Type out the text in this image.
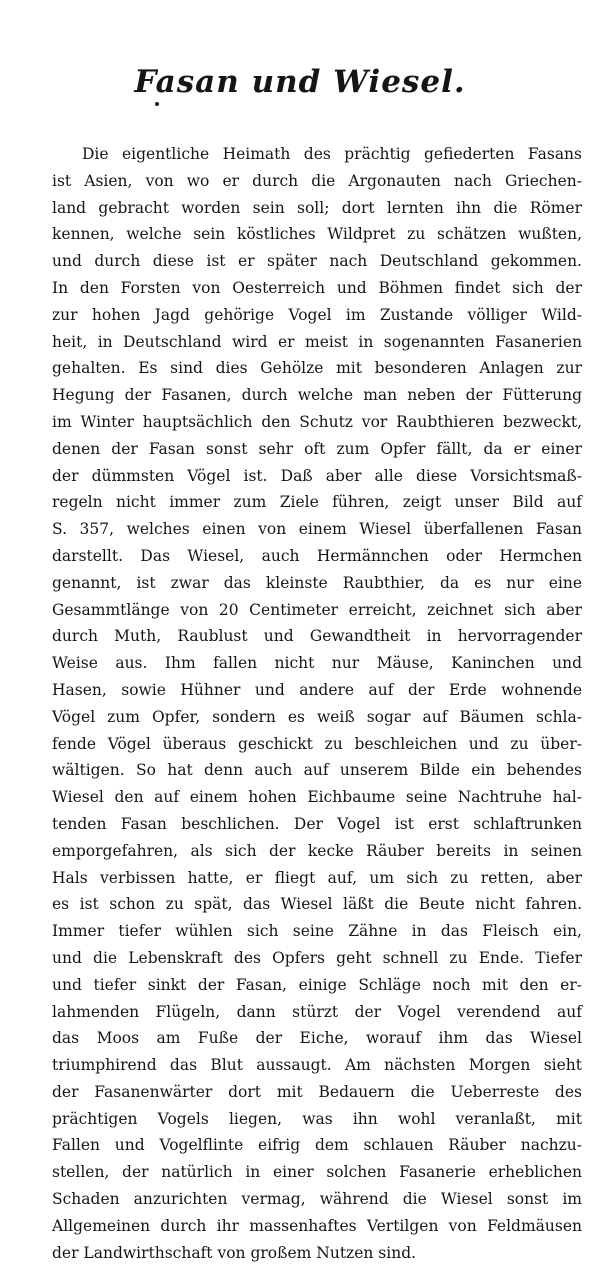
Fasan und Wiesel.
Die eigentliche Heimath des prächtig gefiederten Fasans
ist Asien, von wo er durch die Argonauten nach Griechen-
land gebracht worden sein soll; dort lernten ihn die Römer
kennen, welche sein köstliches Wildpret zu schätzen wußten,
und durch diese ist er später nach Deutschland gekommen.
In den Forsten von Oesterreich und Böhmen findet sich der
zur hohen Jagd gehörige Vogel im Zustande völliger Wild-
heit, in Deutschland wird er meist in sogenannten Fasanerien
gehalten. Es sind dies Gehölze mit besonderen Anlagen zur
Hegung der Fasanen, durch welche man neben der Fütterung
im Winter hauptsächlich den Schutz vor Raubthieren bezweckt,
denen der Fasan sonst sehr oft zum Opfer fällt, da er einer
der dümmsten Vögel ist. Daß aber alle diese Vorsichtsmaß-
regeln nicht immer zum Ziele führen, zeigt unser Bild auf
S. 357, welches einen von einem Wiesel überfallenen Fasan
darstellt. Das Wiesel, auch Hermännchen oder Hermchen
genannt, ist zwar das kleinste Raubthier, da es nur eine
Gesammtlänge von 20 Centimeter erreicht, zeichnet sich aber
durch Muth, Raublust und Gewandtheit in hervorragender
Weise aus. Ihm fallen nicht nur Mäuse, Kaninchen und
Hasen, sowie Hühner und andere auf der Erde wohnende
Vögel zum Opfer, sondern es weiß sogar auf Bäumen schla-
fende Vögel überaus geschickt zu beschleichen und zu über-
wältigen. So hat denn auch auf unserem Bilde ein behendes
Wiesel den auf einem hohen Eichbaume seine Nachtruhe hal-
tenden Fasan beschlichen. Der Vogel ist erst schlaftrunken
emporgefahren, als sich der kecke Räuber bereits in seinen
Hals verbissen hatte, er fliegt auf, um sich zu retten, aber
es ist schon zu spät, das Wiesel läßt die Beute nicht fahren.
Immer tiefer wühlen sich seine Zähne in das Fleisch ein,
und die Lebenskraft des Opfers geht schnell zu Ende. Tiefer
und tiefer sinkt der Fasan, einige Schläge noch mit den er-
lahmenden Flügeln, dann stürzt der Vogel verendend auf
das Moos am Fuße der Eiche, worauf ihm das Wiesel
triumphirend das Blut aussaugt. Am nächsten Morgen sieht
der Fasanenwärter dort mit Bedauern die Ueberreste des
prächtigen Vogels liegen, was ihn wohl veranlaßt, mit
Fallen und Vogelflinte eifrig dem schlauen Räuber nachzu-
stellen, der natürlich in einer solchen Fasanerie erheblichen
Schaden anzurichten vermag, während die Wiesel sonst im
Allgemeinen durch ihr massenhaftes Vertilgen von Feldmäusen
der Landwirthschaft von großem Nutzen sind.
